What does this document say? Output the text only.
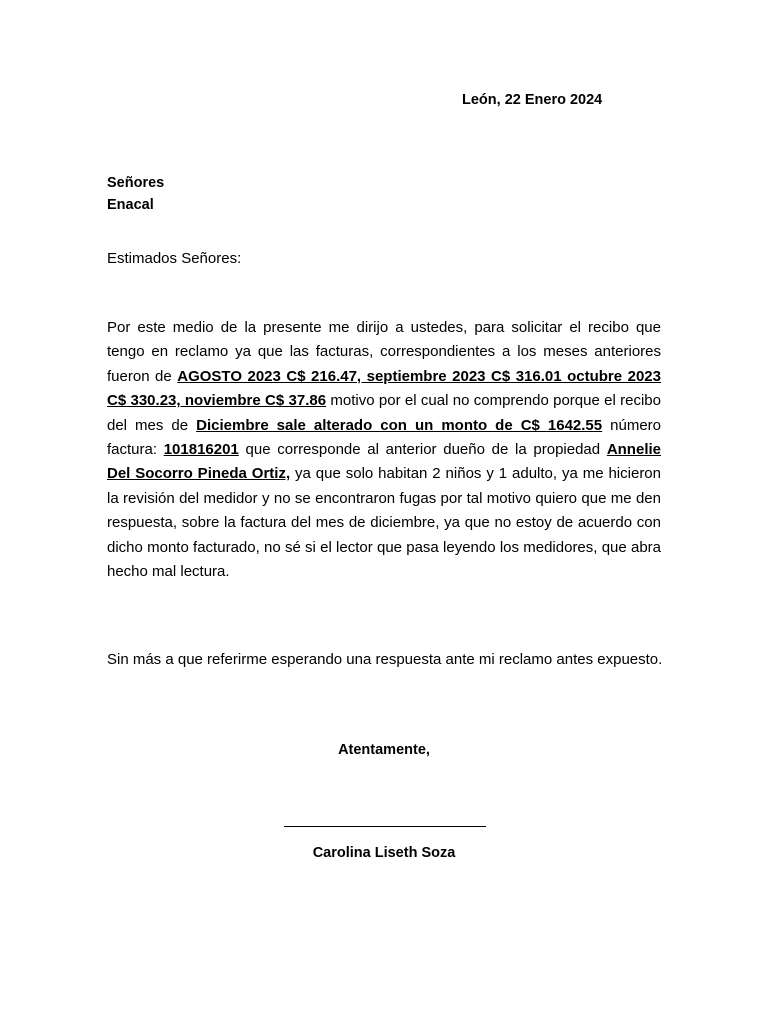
León, 22 Enero 2024
Señores
Enacal
Estimados Señores:

Por este medio de la presente me dirijo a ustedes, para solicitar el recibo que tengo en reclamo ya que las facturas, correspondientes a los meses anteriores fueron de AGOSTO 2023 C$ 216.47, septiembre 2023 C$ 316.01 octubre 2023 C$ 330.23, noviembre C$ 37.86 motivo por el cual no comprendo porque el recibo del mes de Diciembre sale alterado con un monto de C$ 1642.55 número factura: 101816201 que corresponde al anterior dueño de la propiedad Annelie Del Socorro Pineda Ortiz, ya que solo habitan 2 niños y 1 adulto, ya me hicieron la revisión del medidor y no se encontraron fugas por tal motivo quiero que me den respuesta, sobre la factura del mes de diciembre, ya que no estoy de acuerdo con dicho monto facturado, no sé si el lector que pasa leyendo los medidores, que abra hecho mal lectura.

Sin más a que referirme esperando una respuesta ante mi reclamo antes expuesto.

Atentamente,
Carolina Liseth Soza
